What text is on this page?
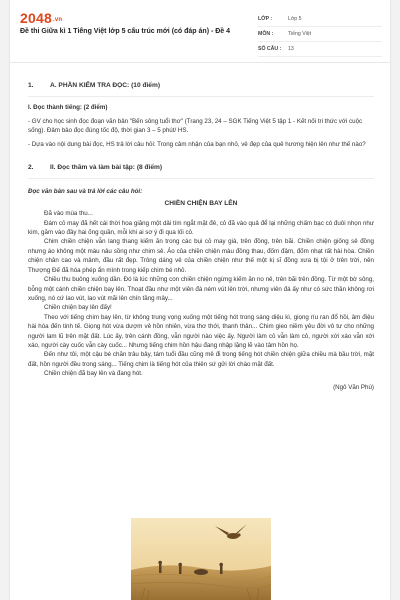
2048.vn
Đề thi Giữa kì 1 Tiếng Việt lớp 5 cấu trúc mới (có đáp án) - Đề 4
LỚP :	Lớp 5
MÔN :	Tiếng Việt
SỐ CÂU :	13
1.	A. PHẦN KIỂM TRA ĐỌC: (10 điểm)
I. Đọc thành tiếng: (2 điểm)
- GV cho học sinh đọc đoạn văn bản "Bến sông tuổi thơ" (Trang 23, 24 – SGK Tiếng Việt 5 tập 1 - Kết nối tri thức với cuộc sống). Đảm bảo đọc đúng tốc độ, thời gian 3 – 5 phút/ HS.
- Dựa vào nội dung bài đọc, HS trả lời câu hỏi: Trong cảm nhận của bạn nhỏ, vẻ đẹp của quê hương hiện lên như thế nào?
2.	II. Đọc thầm và làm bài tập: (8 điểm)
Đọc văn bản sau và trả lời các câu hỏi:
CHIỀN CHIỆN BAY LÊN

Đã vào mùa thu...

Đám cỏ may đã hết cái thời hoa giăng một dải tím ngắt mặt đê, cỏ đã vào quả để lại những chấm bạc có đuôi nhọn như kim, găm vào đầy hai ống quần, mỗi khi ai sơ ý đi qua lối cỏ.

Chim chiền chiện vẫn lang thang kiếm ăn trong các bụi cỏ may già, trên đồng, trên bãi. Chiền chiện giống sẻ đồng nhưng áo không một màu nâu sồng như chim sẻ. Áo của chiền chiện màu đồng thau, đốm đậm, đốm nhạt rất hài hòa. Chiền chiện chân cao và mảnh, đầu rất đẹp. Trông dáng vẻ của chiền chiện như thế một kị sĩ đồng xưa bị tội ở trên trời, nên Thượng Đế đã hóa phép ẩn mình trong kiếp chim bé nhỏ.

Chiều thu buông xuống dần. Đó là lúc những con chiền chiện ngừng kiếm ăn no nê, trên bãi trên đồng. Từ một bờ sông, bỗng một cánh chiền chiện bay lên. Thoạt đầu như một viên đá ném vút lên trời, nhưng viên đá ấy như có sức thần không rơi xuống, nó cứ lao vút, lao vút mãi lên chín tầng mây...

Chiền chiện bay lên đấy!

Theo với tiếng chim bay lên, từ không trung vọng xuống một tiếng hót trong sáng diệu kì, giọng ríu ran đổ hồi, âm điệu hài hòa đến tinh tế. Giọng hót vừa dượm vẻ hồn nhiên, vừa thơ thới, thanh thản... Chim gieo niềm yêu đời vô tư cho những người lam lũ trên mặt đất. Lúc ấy, trên cánh đồng, vẫn người nào việc ấy. Người làm cỏ vẫn làm cỏ, người xới xáo vẫn xới xáo, người cày cuốc vẫn cày cuốc... Nhưng tiếng chim hồn hậu đang nhập lặng lẽ vào tâm hồn họ.

Đến như tôi, một cậu bé chăn trâu bảy, tám tuổi đầu cũng mê đi trong tiếng hót chiền chiện giữa chiều mà bầu trời, mặt đất, hồn người đều trong sáng... Tiếng chim là tiếng hót của thiên sứ gửi lời chào mặt đất.

Chiền chiện đã bay lên và đang hót.

(Ngô Văn Phú)
